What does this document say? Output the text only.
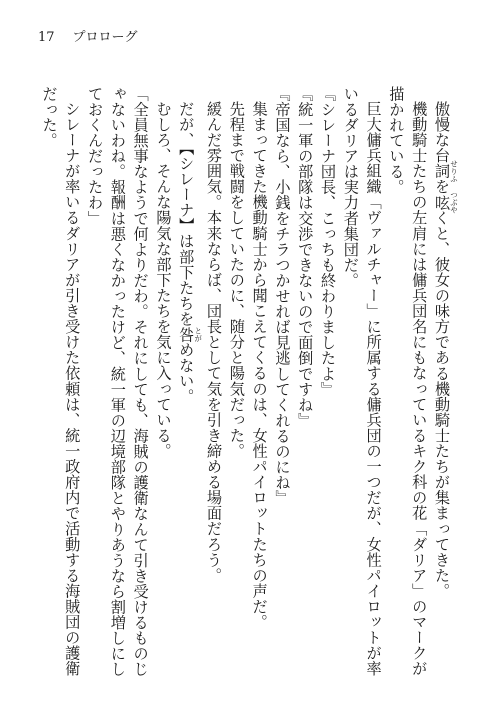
17 プロローグ

傲慢な台詞せりふを呟つぶやくと、彼女の味方である機動騎士たちが集まってきた。

機動騎士たちの左肩には傭兵団名にもなっているキク科の花「ダリア」のマークが描かれている。

巨大傭兵組織「ヴァルチャー」に所属する傭兵団の一つだが、女性パイロットが率いるダリアは実力者集団だ。

『シレーナ団長、こっちも終わりましたよ』

『統一軍の部隊は交渉できないので面倒ですね』

『帝国なら、小銭をチラつかせれば見逃してくれるのにね』

集まってきた機動騎士から聞こえてくるのは、女性パイロットたちの声だ。

先程まで戦闘をしていたのに、随分と陽気だった。

緩んだ雰囲気。本来ならば、団長として気を引き締める場面だろう。

だが、【シレーナ】は部下たちを咎とがめない。

むしろ、そんな陽気な部下たちを気に入っている。

「全員無事なようで何よりだわ。それにしても、海賊の護衛なんて引き受けるものじゃないわね。報酬は悪くなかったけど、統一軍の辺境部隊とやりあうなら割増しにしておくんだったわ」

シレーナが率いるダリアが引き受けた依頼は、統一政府内で活動する海賊団の護衛だった。
